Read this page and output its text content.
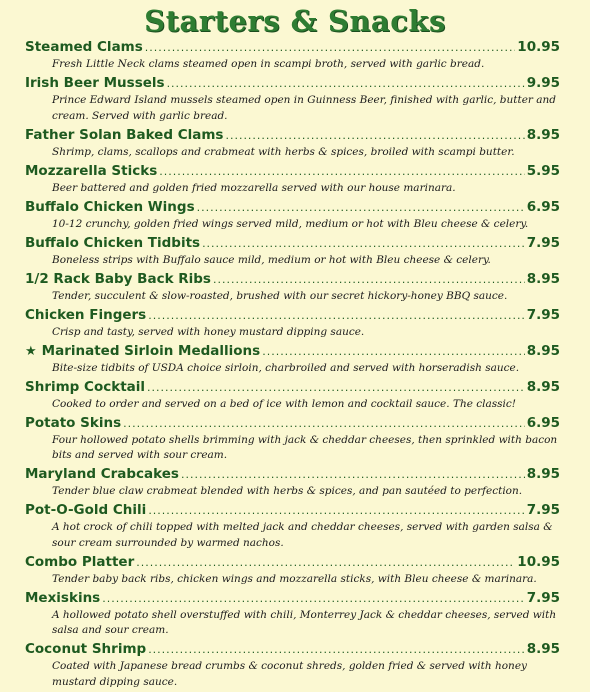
Starters & Snacks
Steamed Clams .....	10.95
Fresh Little Neck clams steamed open in scampi broth, served with garlic bread.
Irish Beer Mussels .....	9.95
Prince Edward Island mussels steamed open in Guinness Beer, finished with garlic, butter and cream. Served with garlic bread.
Father Solan Baked Clams .....	8.95
Shrimp, clams, scallops and crabmeat with herbs & spices, broiled with scampi butter.
Mozzarella Sticks .....	5.95
Beer battered and golden fried mozzarella served with our house marinara.
Buffalo Chicken Wings .....	6.95
10-12 crunchy, golden fried wings served mild, medium or hot with Bleu cheese & celery.
Buffalo Chicken Tidbits .....	7.95
Boneless strips with Buffalo sauce mild, medium or hot with Bleu cheese & celery.
1/2 Rack Baby Back Ribs .....	8.95
Tender, succulent & slow-roasted, brushed with our secret hickory-honey BBQ sauce.
Chicken Fingers .....	7.95
Crisp and tasty, served with honey mustard dipping sauce.
★ Marinated Sirloin Medallions .....	8.95
Bite-size tidbits of USDA choice sirloin, charbroiled and served with horseradish sauce.
Shrimp Cocktail .....	8.95
Cooked to order and served on a bed of ice with lemon and cocktail sauce. The classic!
Potato Skins .....	6.95
Four hollowed potato shells brimming with jack & cheddar cheeses, then sprinkled with bacon bits and served with sour cream.
Maryland Crabcakes .....	8.95
Tender blue claw crabmeat blended with herbs & spices, and pan sautéed to perfection.
Pot-O-Gold Chili .....	7.95
A hot crock of chili topped with melted jack and cheddar cheeses, served with garden salsa & sour cream surrounded by warmed nachos.
Combo Platter .....	10.95
Tender baby back ribs, chicken wings and mozzarella sticks, with Bleu cheese & marinara.
Mexiskins .....	7.95
A hollowed potato shell overstuffed with chili, Monterrey Jack & cheddar cheeses, served with salsa and sour cream.
Coconut Shrimp .....	8.95
Coated with Japanese bread crumbs & coconut shreds, golden fried & served with honey mustard dipping sauce.
